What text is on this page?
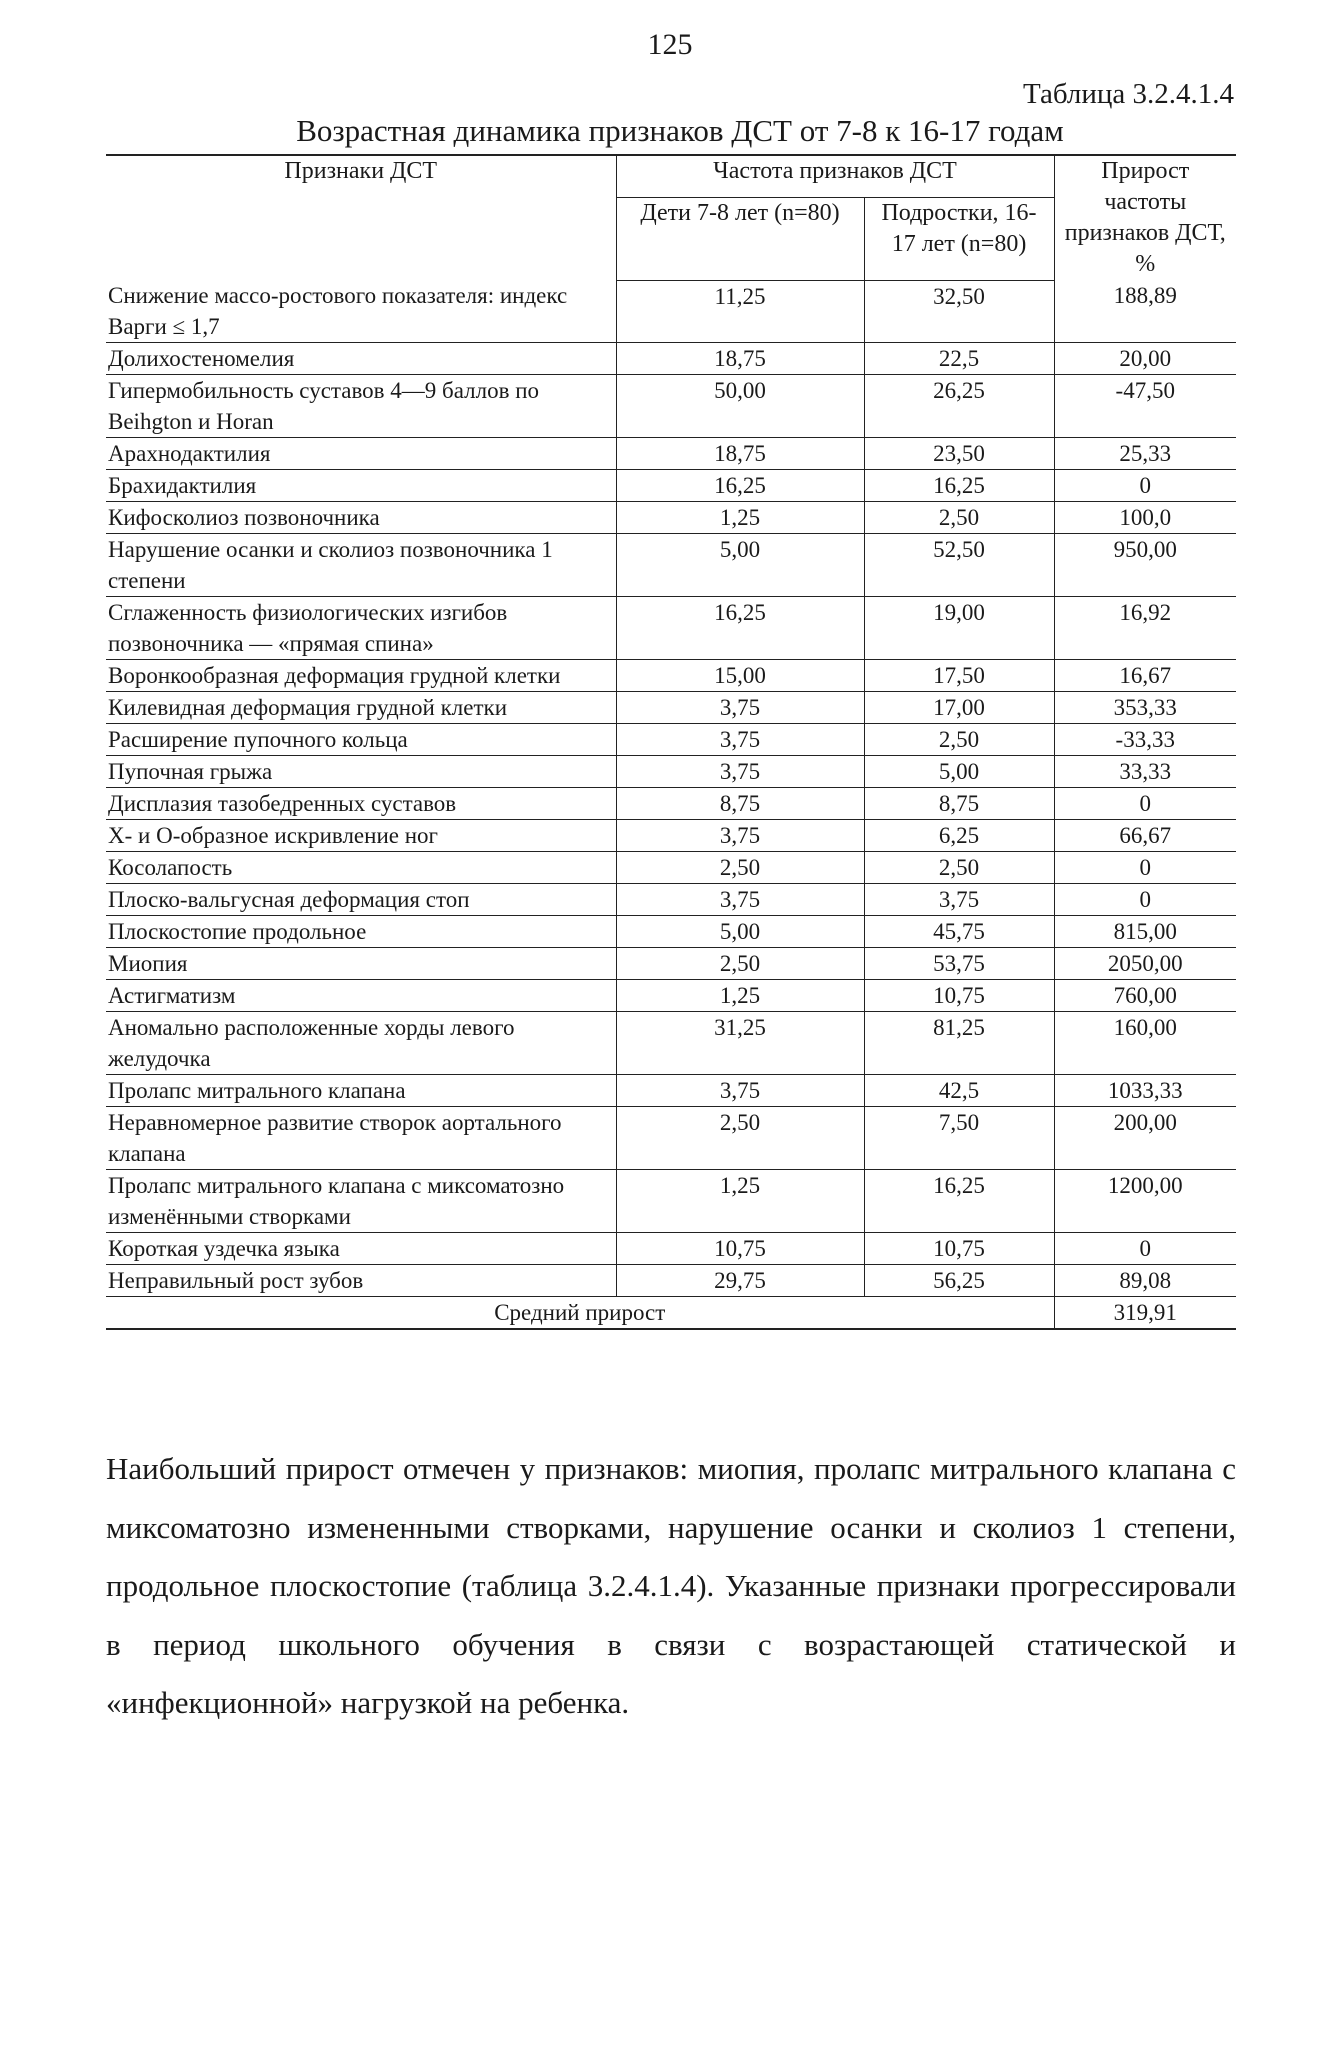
125
Таблица 3.2.4.1.4
Возрастная динамика признаков ДСТ от 7-8 к 16-17 годам
Признаки ДСТ	Частота признаков ДСТ		Прирост частоты признаков ДСТ, %
	Дети 7-8 лет (n=80)	Подростки, 16-17 лет (n=80)	
Снижение массо-ростового показателя: индекс Варги ≤ 1,7	11,25	32,50	188,89
Долихостеномелия	18,75	22,5	20,00
Гипермобильность суставов 4—9 баллов по Beihgton и Horan	50,00	26,25	-47,50
Арахнодактилия	18,75	23,50	25,33
Брахидактилия	16,25	16,25	0
Кифосколиоз позвоночника	1,25	2,50	100,0
Нарушение осанки и сколиоз позвоночника 1 степени	5,00	52,50	950,00
Сглаженность физиологических изгибов позвоночника — «прямая спина»	16,25	19,00	16,92
Воронкообразная деформация грудной клетки	15,00	17,50	16,67
Килевидная деформация грудной клетки	3,75	17,00	353,33
Расширение пупочного кольца	3,75	2,50	-33,33
Пупочная грыжа	3,75	5,00	33,33
Дисплазия тазобедренных суставов	8,75	8,75	0
X- и О-образное искривление ног	3,75	6,25	66,67
Косолапость	2,50	2,50	0
Плоско-вальгусная деформация стоп	3,75	3,75	0
Плоскостопие продольное	5,00	45,75	815,00
Миопия	2,50	53,75	2050,00
Астигматизм	1,25	10,75	760,00
Аномально расположенные хорды левого желудочка	31,25	81,25	160,00
Пролапс митрального клапана	3,75	42,5	1033,33
Неравномерное развитие створок аортального клапана	2,50	7,50	200,00
Пролапс митрального клапана с миксоматозно изменёнными створками	1,25	16,25	1200,00
Короткая уздечка языка	10,75	10,75	0
Неправильный рост зубов	29,75	56,25	89,08
Средний прирост			319,91
Наибольший прирост отмечен у признаков: миопия, пролапс митрального клапана с миксоматозно измененными створками, нарушение осанки и сколиоз 1 степени, продольное плоскостопие (таблица 3.2.4.1.4). Указанные признаки прогрессировали в период школьного обучения в связи с возрастающей статической и «инфекционной» нагрузкой на ребенка.
